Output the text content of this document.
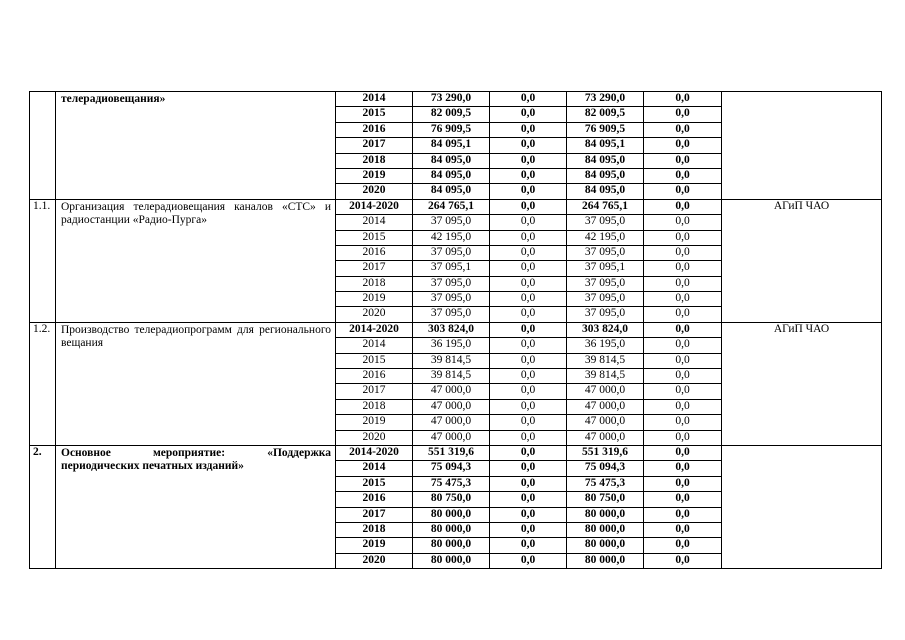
	телерадиовещания»	2014	73 290,0	0,0	73 290,0	0,0	
		2015	82 009,5	0,0	82 009,5	0,0	
		2016	76 909,5	0,0	76 909,5	0,0	
		2017	84 095,1	0,0	84 095,1	0,0	
		2018	84 095,0	0,0	84 095,0	0,0	
		2019	84 095,0	0,0	84 095,0	0,0	
		2020	84 095,0	0,0	84 095,0	0,0	
1.1.	Организация телерадиовещания каналов «СТС» и радиостанции «Радио-Пурга»	2014-2020	264 765,1	0,0	264 765,1	0,0	АГиП ЧАО
		2014	37 095,0	0,0	37 095,0	0,0	
		2015	42 195,0	0,0	42 195,0	0,0	
		2016	37 095,0	0,0	37 095,0	0,0	
		2017	37 095,1	0,0	37 095,1	0,0	
		2018	37 095,0	0,0	37 095,0	0,0	
		2019	37 095,0	0,0	37 095,0	0,0	
		2020	37 095,0	0,0	37 095,0	0,0	
1.2.	Производство телерадиопрограмм для регионального вещания	2014-2020	303 824,0	0,0	303 824,0	0,0	АГиП ЧАО
		2014	36 195,0	0,0	36 195,0	0,0	
		2015	39 814,5	0,0	39 814,5	0,0	
		2016	39 814,5	0,0	39 814,5	0,0	
		2017	47 000,0	0,0	47 000,0	0,0	
		2018	47 000,0	0,0	47 000,0	0,0	
		2019	47 000,0	0,0	47 000,0	0,0	
		2020	47 000,0	0,0	47 000,0	0,0	
2.	Основное мероприятие: «Поддержка периодических печатных изданий»	2014-2020	551 319,6	0,0	551 319,6	0,0	
		2014	75 094,3	0,0	75 094,3	0,0	
		2015	75 475,3	0,0	75 475,3	0,0	
		2016	80 750,0	0,0	80 750,0	0,0	
		2017	80 000,0	0,0	80 000,0	0,0	
		2018	80 000,0	0,0	80 000,0	0,0	
		2019	80 000,0	0,0	80 000,0	0,0	
		2020	80 000,0	0,0	80 000,0	0,0	
